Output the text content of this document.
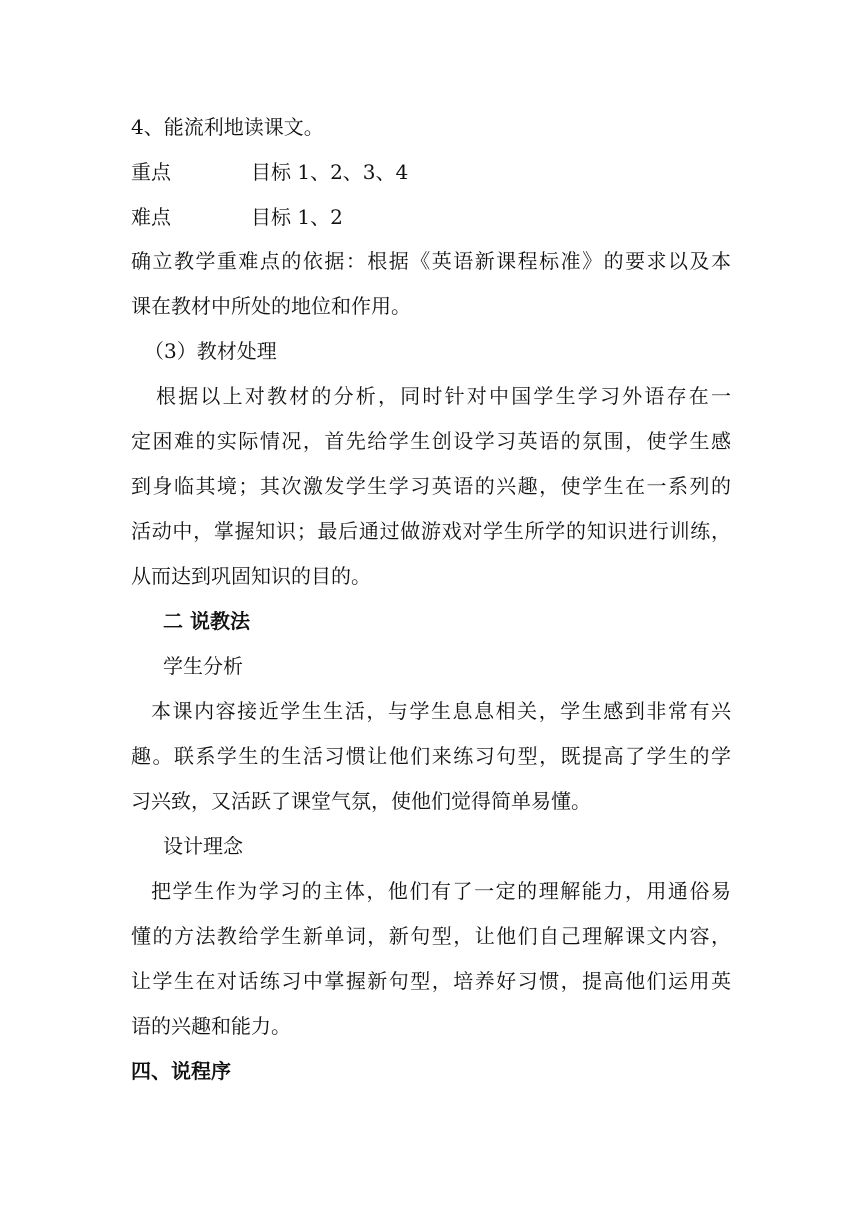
4、能流利地读课文。
重点	目标 1、2、3、4
难点	目标 1、2
确立教学重难点的依据：根据《英语新课程标准》的要求以及本
课在教材中所处的地位和作用。
（3）教材处理
根据以上对教材的分析，同时针对中国学生学习外语存在一
定困难的实际情况，首先给学生创设学习英语的氛围，使学生感
到身临其境；其次激发学生学习英语的兴趣，使学生在一系列的
活动中，掌握知识；最后通过做游戏对学生所学的知识进行训练，
从而达到巩固知识的目的。
二 说教法
学生分析
本课内容接近学生生活，与学生息息相关，学生感到非常有兴
趣。联系学生的生活习惯让他们来练习句型，既提高了学生的学
习兴致，又活跃了课堂气氛，使他们觉得简单易懂。
设计理念
把学生作为学习的主体，他们有了一定的理解能力，用通俗易
懂的方法教给学生新单词，新句型，让他们自己理解课文内容，
让学生在对话练习中掌握新句型，培养好习惯，提高他们运用英
语的兴趣和能力。
四、说程序
